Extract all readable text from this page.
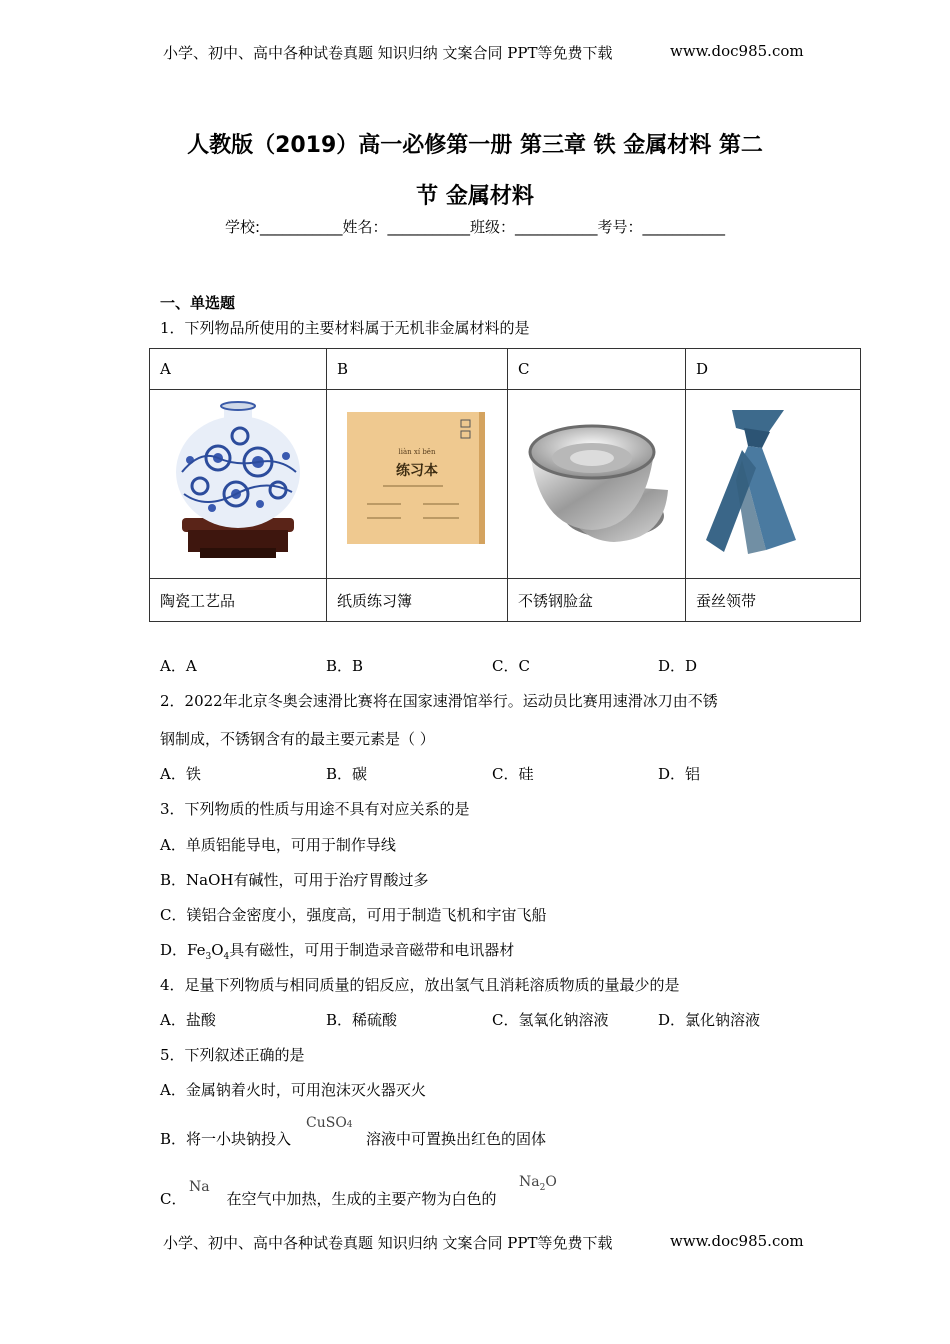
小学、初中、高中各种试卷真题 知识归纳 文案合同 PPT等免费下载	www.doc985.com
人教版（2019）高一必修第一册 第三章 铁 金属材料 第二
节 金属材料
学校:___________姓名：___________班级：___________考号：___________
一、单选题
1．下列物品所使用的主要材料属于无机非金属材料的是
A	B	C	D

liàn xí běn
练习本

陶瓷工艺品	纸质练习簿	不锈钢脸盆	蚕丝领带
A．A	B．B	C．C	D．D
2．2022年北京冬奥会速滑比赛将在国家速滑馆举行。运动员比赛用速滑冰刀由不锈
钢制成，不锈钢含有的最主要元素是（ ）
A．铁	B．碳	C．硅	D．铝
3．下列物质的性质与用途不具有对应关系的是
A．单质铝能导电，可用于制作导线
B．NaOH有碱性，可用于治疗胃酸过多
C．镁铝合金密度小，强度高，可用于制造飞机和宇宙飞船
D．$Fe_3O_4$具有磁性，可用于制造录音磁带和电讯器材
4．足量下列物质与相同质量的铝反应，放出氢气且消耗溶质物质的量最少的是
A．盐酸	B．稀硫酸	C．氢氧化钠溶液	D．氯化钠溶液
5．下列叙述正确的是
A．金属钠着火时，可用泡沫灭火器灭火
B．将一小块钠投入	溶液中可置换出红色的固体
CuSO4
C．	在空气中加热，生成的主要产物为白色的
Na	$Na_2O$
小学、初中、高中各种试卷真题 知识归纳 文案合同 PPT等免费下载	www.doc985.com
